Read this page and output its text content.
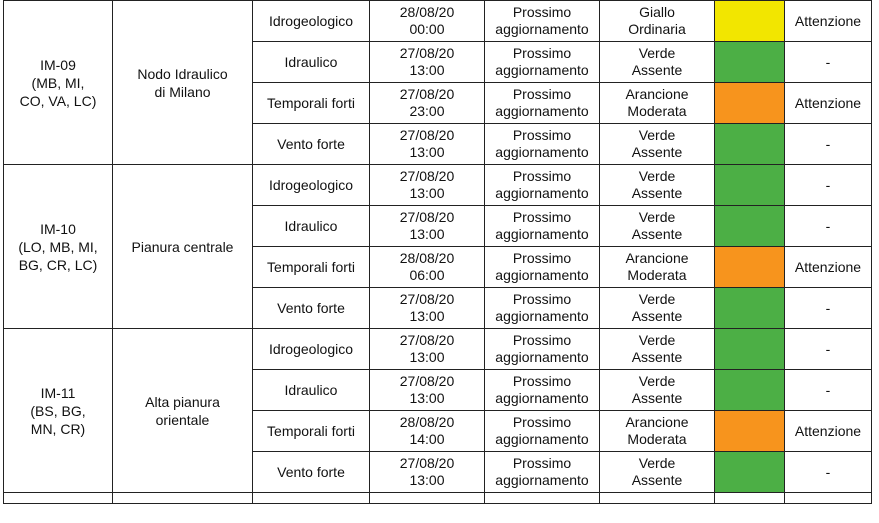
IM-09
(MB, MI,
CO, VA, LC)	Nodo Idraulico
di Milano	Idrogeologico	28/08/20
00:00	Prossimo
aggiornamento	Giallo
Ordinaria		Attenzione
		Idraulico	27/08/20
13:00	Prossimo
aggiornamento	Verde
Assente		-
		Temporali forti	27/08/20
23:00	Prossimo
aggiornamento	Arancione
Moderata		Attenzione
		Vento forte	27/08/20
13:00	Prossimo
aggiornamento	Verde
Assente		-

IM-10
(LO, MB, MI,
BG, CR, LC)	Pianura centrale	Idrogeologico	27/08/20
13:00	Prossimo
aggiornamento	Verde
Assente		-
		Idraulico	27/08/20
13:00	Prossimo
aggiornamento	Verde
Assente		-
		Temporali forti	28/08/20
06:00	Prossimo
aggiornamento	Arancione
Moderata		Attenzione
		Vento forte	27/08/20
13:00	Prossimo
aggiornamento	Verde
Assente		-

IM-11
(BS, BG,
MN, CR)	Alta pianura
orientale	Idrogeologico	27/08/20
13:00	Prossimo
aggiornamento	Verde
Assente		-
		Idraulico	27/08/20
13:00	Prossimo
aggiornamento	Verde
Assente		-
		Temporali forti	28/08/20
14:00	Prossimo
aggiornamento	Arancione
Moderata		Attenzione
		Vento forte	27/08/20
13:00	Prossimo
aggiornamento	Verde
Assente		-
